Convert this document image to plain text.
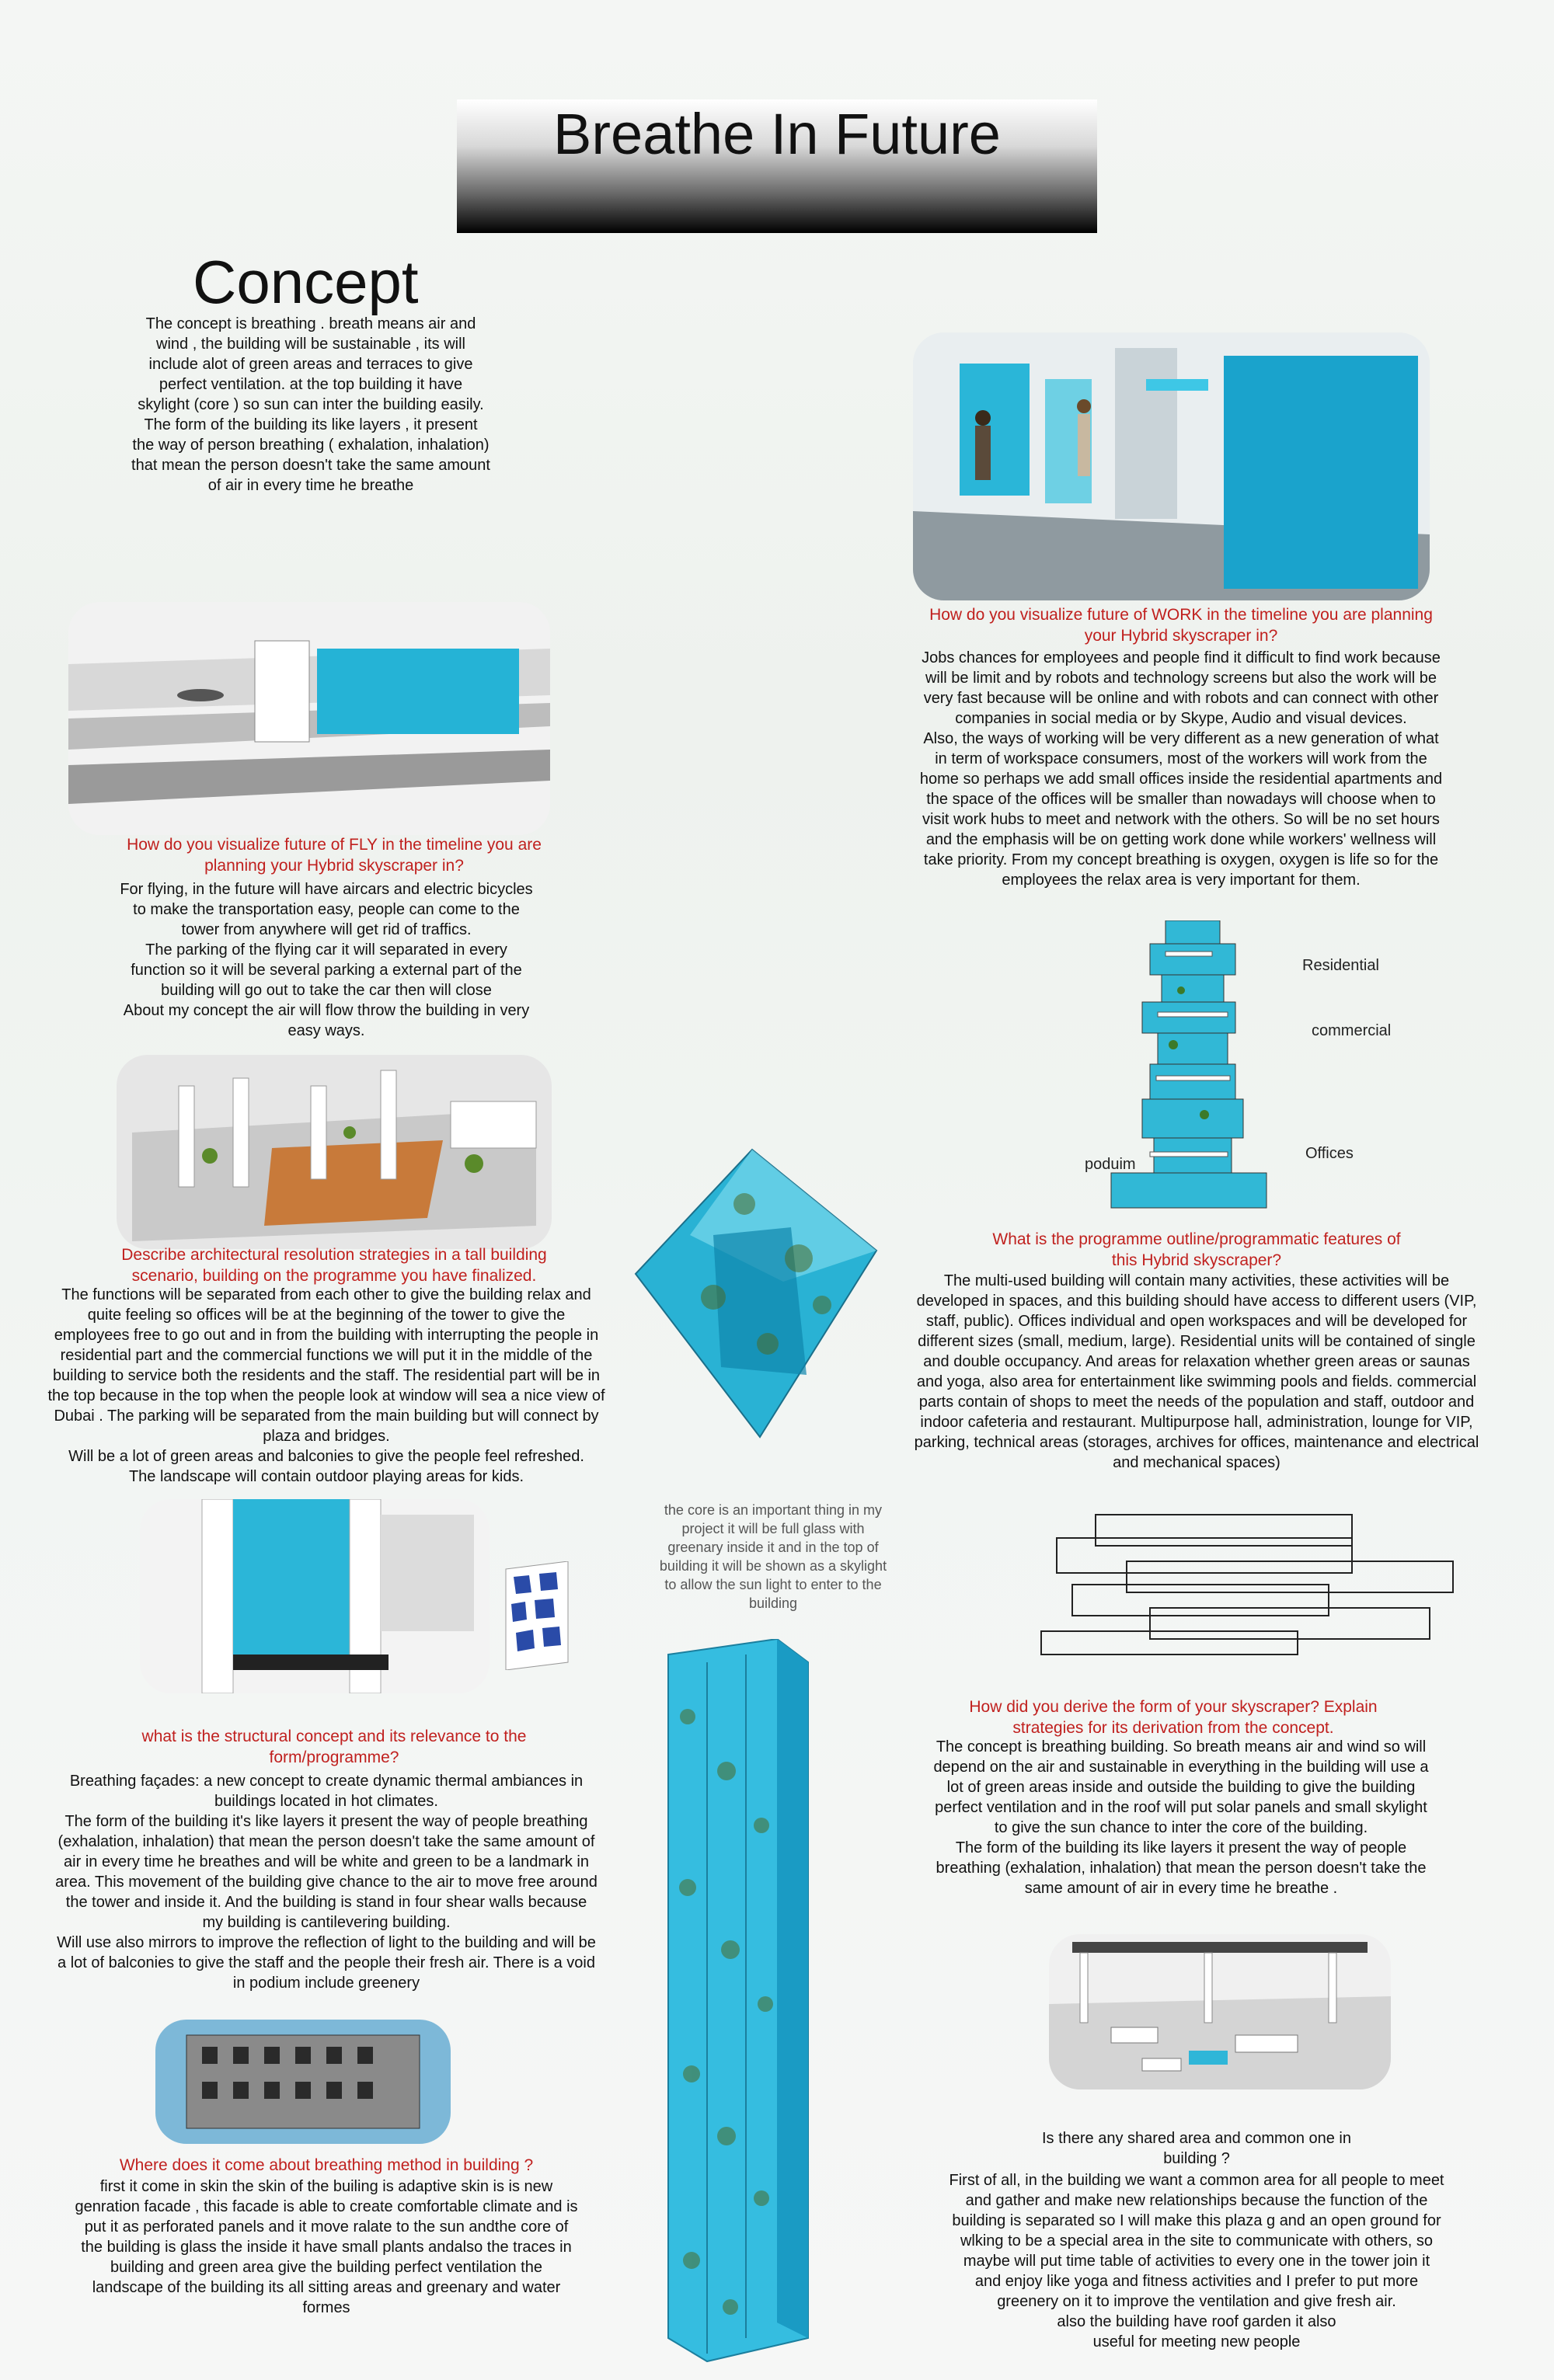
Breathe In Future
Concept
The concept is breathing . breath means air and
wind , the building will be sustainable , its will
include alot of green areas and terraces to give
perfect ventilation. at the top building it have
skylight (core ) so sun can inter the building easily.
The form of the building its like layers , it present
the way of person breathing ( exhalation, inhalation)
that mean the person doesn't take the same amount
of air in every time he breathe
How do you visualize future of WORK in the timeline you are planning
your Hybrid skyscraper in?
Jobs chances for employees and people find it difficult to find work because
will be limit and by robots and technology screens but also the work will be
very fast because will be online and with robots and can connect with other
companies in social media or by Skype, Audio and visual devices.
Also, the ways of working will be very different as a new generation of what
in term of workspace consumers, most of the workers will work from the
home so perhaps we add small offices inside the residential apartments and
the space of the offices will be smaller than nowadays will choose when to
visit work hubs to meet and network with the others. So will be no set hours
and the emphasis will be on getting work done while workers' wellness will
take priority. From my concept breathing is oxygen, oxygen is life so for the
employees the relax area is very important for them.
How do you visualize future of FLY in the timeline you are
planning your Hybrid skyscraper in?
For flying, in the future will have aircars and electric bicycles
to make the transportation easy, people can come to the
tower from anywhere will get rid of traffics.
The parking of the flying car it will separated in every
function so it will be several parking a external part of the
building will go out to take the car then will close
About my concept the air will flow throw the building in very
easy ways.
Residential
commercial
Offices
poduim
What is the programme outline/programmatic features of
this Hybrid skyscraper?
The multi-used building will contain many activities, these activities will be
developed in spaces, and this building should have access to different users (VIP,
staff, public). Offices individual and open workspaces and will be developed for
different sizes (small, medium, large). Residential units will be contained of single
and double occupancy. And areas for relaxation whether green areas or saunas
and yoga, also area for entertainment like swimming pools and fields. commercial
parts contain of shops to meet the needs of the population and staff, outdoor and
indoor cafeteria and restaurant. Multipurpose hall, administration, lounge for VIP,
parking, technical areas (storages, archives for offices, maintenance and electrical
and mechanical spaces)
Describe architectural resolution strategies in a tall building
scenario, building on the programme you have finalized.
The functions will be separated from each other to give the building relax and
quite feeling so offices will be at the beginning of the tower to give the
employees free to go out and in from the building with interrupting the people in
residential part and the commercial functions we will put it in the middle of the
building to service both the residents and the staff. The residential part will be in
the top because in the top when the people look at window will sea a nice view of
Dubai . The parking will be separated from the main building but will connect by
plaza and bridges.
Will be a lot of green areas and balconies to give the people feel refreshed.
The landscape will contain outdoor playing areas for kids.
the core is an important thing in my
project it will be full glass with
greenary inside it and in the top of
building it will be shown as a skylight
to allow the sun light to enter to the
building
what is the structural concept and its relevance to the
form/programme?
Breathing façades: a new concept to create dynamic thermal ambiances in
buildings located in hot climates.
The form of the building it's like layers it present the way of people breathing
(exhalation, inhalation) that mean the person doesn't take the same amount of
air in every time he breathes and will be white and green to be a landmark in
area. This movement of the building give chance to the air to move free around
the tower and inside it. And the building is stand in four shear walls because
my building is cantilevering building.
Will use also mirrors to improve the reflection of light to the building and will be
a lot of balconies to give the staff and the people their fresh air. There is a void
in podium include greenery
How did you derive the form of your skyscraper? Explain
strategies for its derivation from the concept.
The concept is breathing building. So breath means air and wind so will
depend on the air and sustainable in everything in the building will use a
lot of green areas inside and outside the building to give the building
perfect ventilation and in the roof will put solar panels and small skylight
to give the sun chance to inter the core of the building.
The form of the building its like layers it present the way of people
breathing (exhalation, inhalation) that mean the person doesn't take the
same amount of air in every time he breathe .
Where does it come about breathing method in building ?
first it come in skin the skin of the builing is adaptive skin is is new
genration facade , this facade is able to create comfortable climate and is
put it as perforated panels and it move ralate to the sun andthe core of
the building is glass the inside it have small plants andalso the traces in
building and green area give the building perfect ventilation the
landscape of the building its all sitting areas and greenary and water
formes
Is there any shared area and common one in
building ?
First of all, in the building we want a common area for all people to meet
and gather and make new relationships because the function of the
building is separated so I will make this plaza g and an open ground for
wlking to be a special area in the site to communicate with others, so
maybe will put time table of activities to every one in the tower join it
and enjoy like yoga and fitness activities and I prefer to put more
greenery on it to improve the ventilation and give fresh air.
also the building have roof garden it also
useful for meeting new people
